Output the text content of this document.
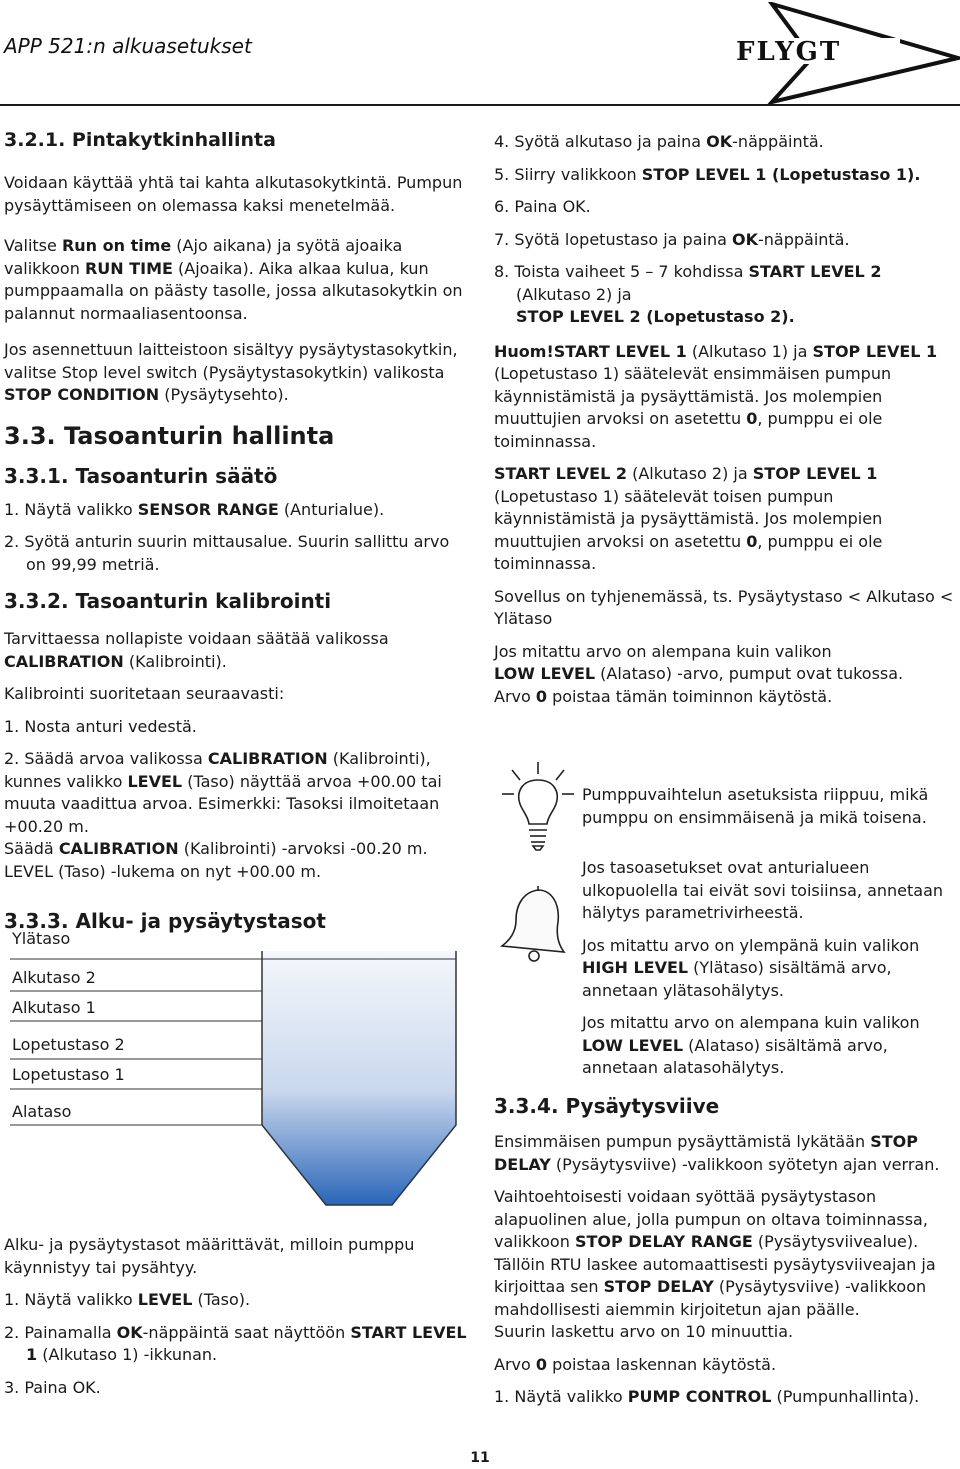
APP 521:n alkuasetukset	FLYGT

3.2.1. Pintakytkinhallinta

Voidaan käyttää yhtä tai kahta alkutasokytkintä. Pumpun pysäyttämiseen on olemassa kaksi menetelmää.

Valitse Run on time (Ajo aikana) ja syötä ajoaika valikkoon RUN TIME (Ajoaika). Aika alkaa kulua, kun pumppaamalla on päästy tasolle, jossa alkutasokytkin on palannut normaaliasentoonsa.

Jos asennettuun laitteistoon sisältyy pysäytystasokytkin, valitse Stop level switch (Pysäytystasokytkin) valikosta STOP CONDITION (Pysäytysehto).

3.3. Tasoanturin hallinta

3.3.1. Tasoanturin säätö

1. Näytä valikko SENSOR RANGE (Anturialue).

2. Syötä anturin suurin mittausalue. Suurin sallittu arvo on 99,99 metriä.

3.3.2. Tasoanturin kalibrointi

Tarvittaessa nollapiste voidaan säätää valikossa CALIBRATION (Kalibrointi).

Kalibrointi suoritetaan seuraavasti:

1. Nosta anturi vedestä.

2. Säädä arvoa valikossa CALIBRATION (Kalibrointi), kunnes valikko LEVEL (Taso) näyttää arvoa +00.00 tai muuta vaadittua arvoa. Esimerkki: Tasoksi ilmoitetaan +00.20 m.

Säädä CALIBRATION (Kalibrointi) -arvoksi -00.20 m.

LEVEL (Taso) -lukema on nyt +00.00 m.

3.3.3. Alku- ja pysäytystasot
Ylätaso
Alkutaso 2
Alkutaso 1
Lopetustaso 2
Lopetustaso 1
Alataso

Alku- ja pysäytystasot määrittävät, milloin pumppu käynnistyy tai pysähtyy.

1. Näytä valikko LEVEL (Taso).

2. Painamalla OK-näppäintä saat näyttöön START LEVEL 1 (Alkutaso 1) -ikkunan.

3. Paina OK.

4. Syötä alkutaso ja paina OK-näppäintä.

5. Siirry valikkoon STOP LEVEL 1 (Lopetustaso 1).

6. Paina OK.

7. Syötä lopetustaso ja paina OK-näppäintä.

8. Toista vaiheet 5 – 7 kohdissa START LEVEL 2 (Alkutaso 2) ja
STOP LEVEL 2 (Lopetustaso 2).

Huom!START LEVEL 1 (Alkutaso 1) ja STOP LEVEL 1 (Lopetustaso 1) säätelevät ensimmäisen pumpun käynnistämistä ja pysäyttämistä. Jos molempien muuttujien arvoksi on asetettu 0, pumppu ei ole toiminnassa.

START LEVEL 2 (Alkutaso 2) ja STOP LEVEL 1 (Lopetustaso 1) säätelevät toisen pumpun käynnistämistä ja pysäyttämistä. Jos molempien muuttujien arvoksi on asetettu 0, pumppu ei ole toiminnassa.

Sovellus on tyhjenemässä, ts. Pysäytystaso < Alkutaso < Ylätaso

Jos mitattu arvo on alempana kuin valikon
LOW LEVEL (Alataso) -arvo, pumput ovat tukossa.
Arvo 0 poistaa tämän toiminnon käytöstä.

Pumppuvaihtelun asetuksista riippuu, mikä pumppu on ensimmäisenä ja mikä toisena.

Jos tasoasetukset ovat anturialueen ulkopuolella tai eivät sovi toisiinsa, annetaan hälytys parametrivirheestä.

Jos mitattu arvo on ylempänä kuin valikon HIGH LEVEL (Ylätaso) sisältämä arvo, annetaan ylätasohälytys.

Jos mitattu arvo on alempana kuin valikon LOW LEVEL (Alataso) sisältämä arvo, annetaan alatasohälytys.

3.3.4. Pysäytysviive

Ensimmäisen pumpun pysäyttämistä lykätään STOP DELAY (Pysäytysviive) -valikkoon syötetyn ajan verran.

Vaihtoehtoisesti voidaan syöttää pysäytystason alapuolinen alue, jolla pumpun on oltava toiminnassa, valikkoon STOP DELAY RANGE (Pysäytysviivealue). Tällöin RTU laskee automaattisesti pysäytysviiveajan ja kirjoittaa sen STOP DELAY (Pysäytysviive) -valikkoon mahdollisesti aiemmin kirjoitetun ajan päälle.
Suurin laskettu arvo on 10 minuuttia.

Arvo 0 poistaa laskennan käytöstä.

1. Näytä valikko PUMP CONTROL (Pumpunhallinta).

11
